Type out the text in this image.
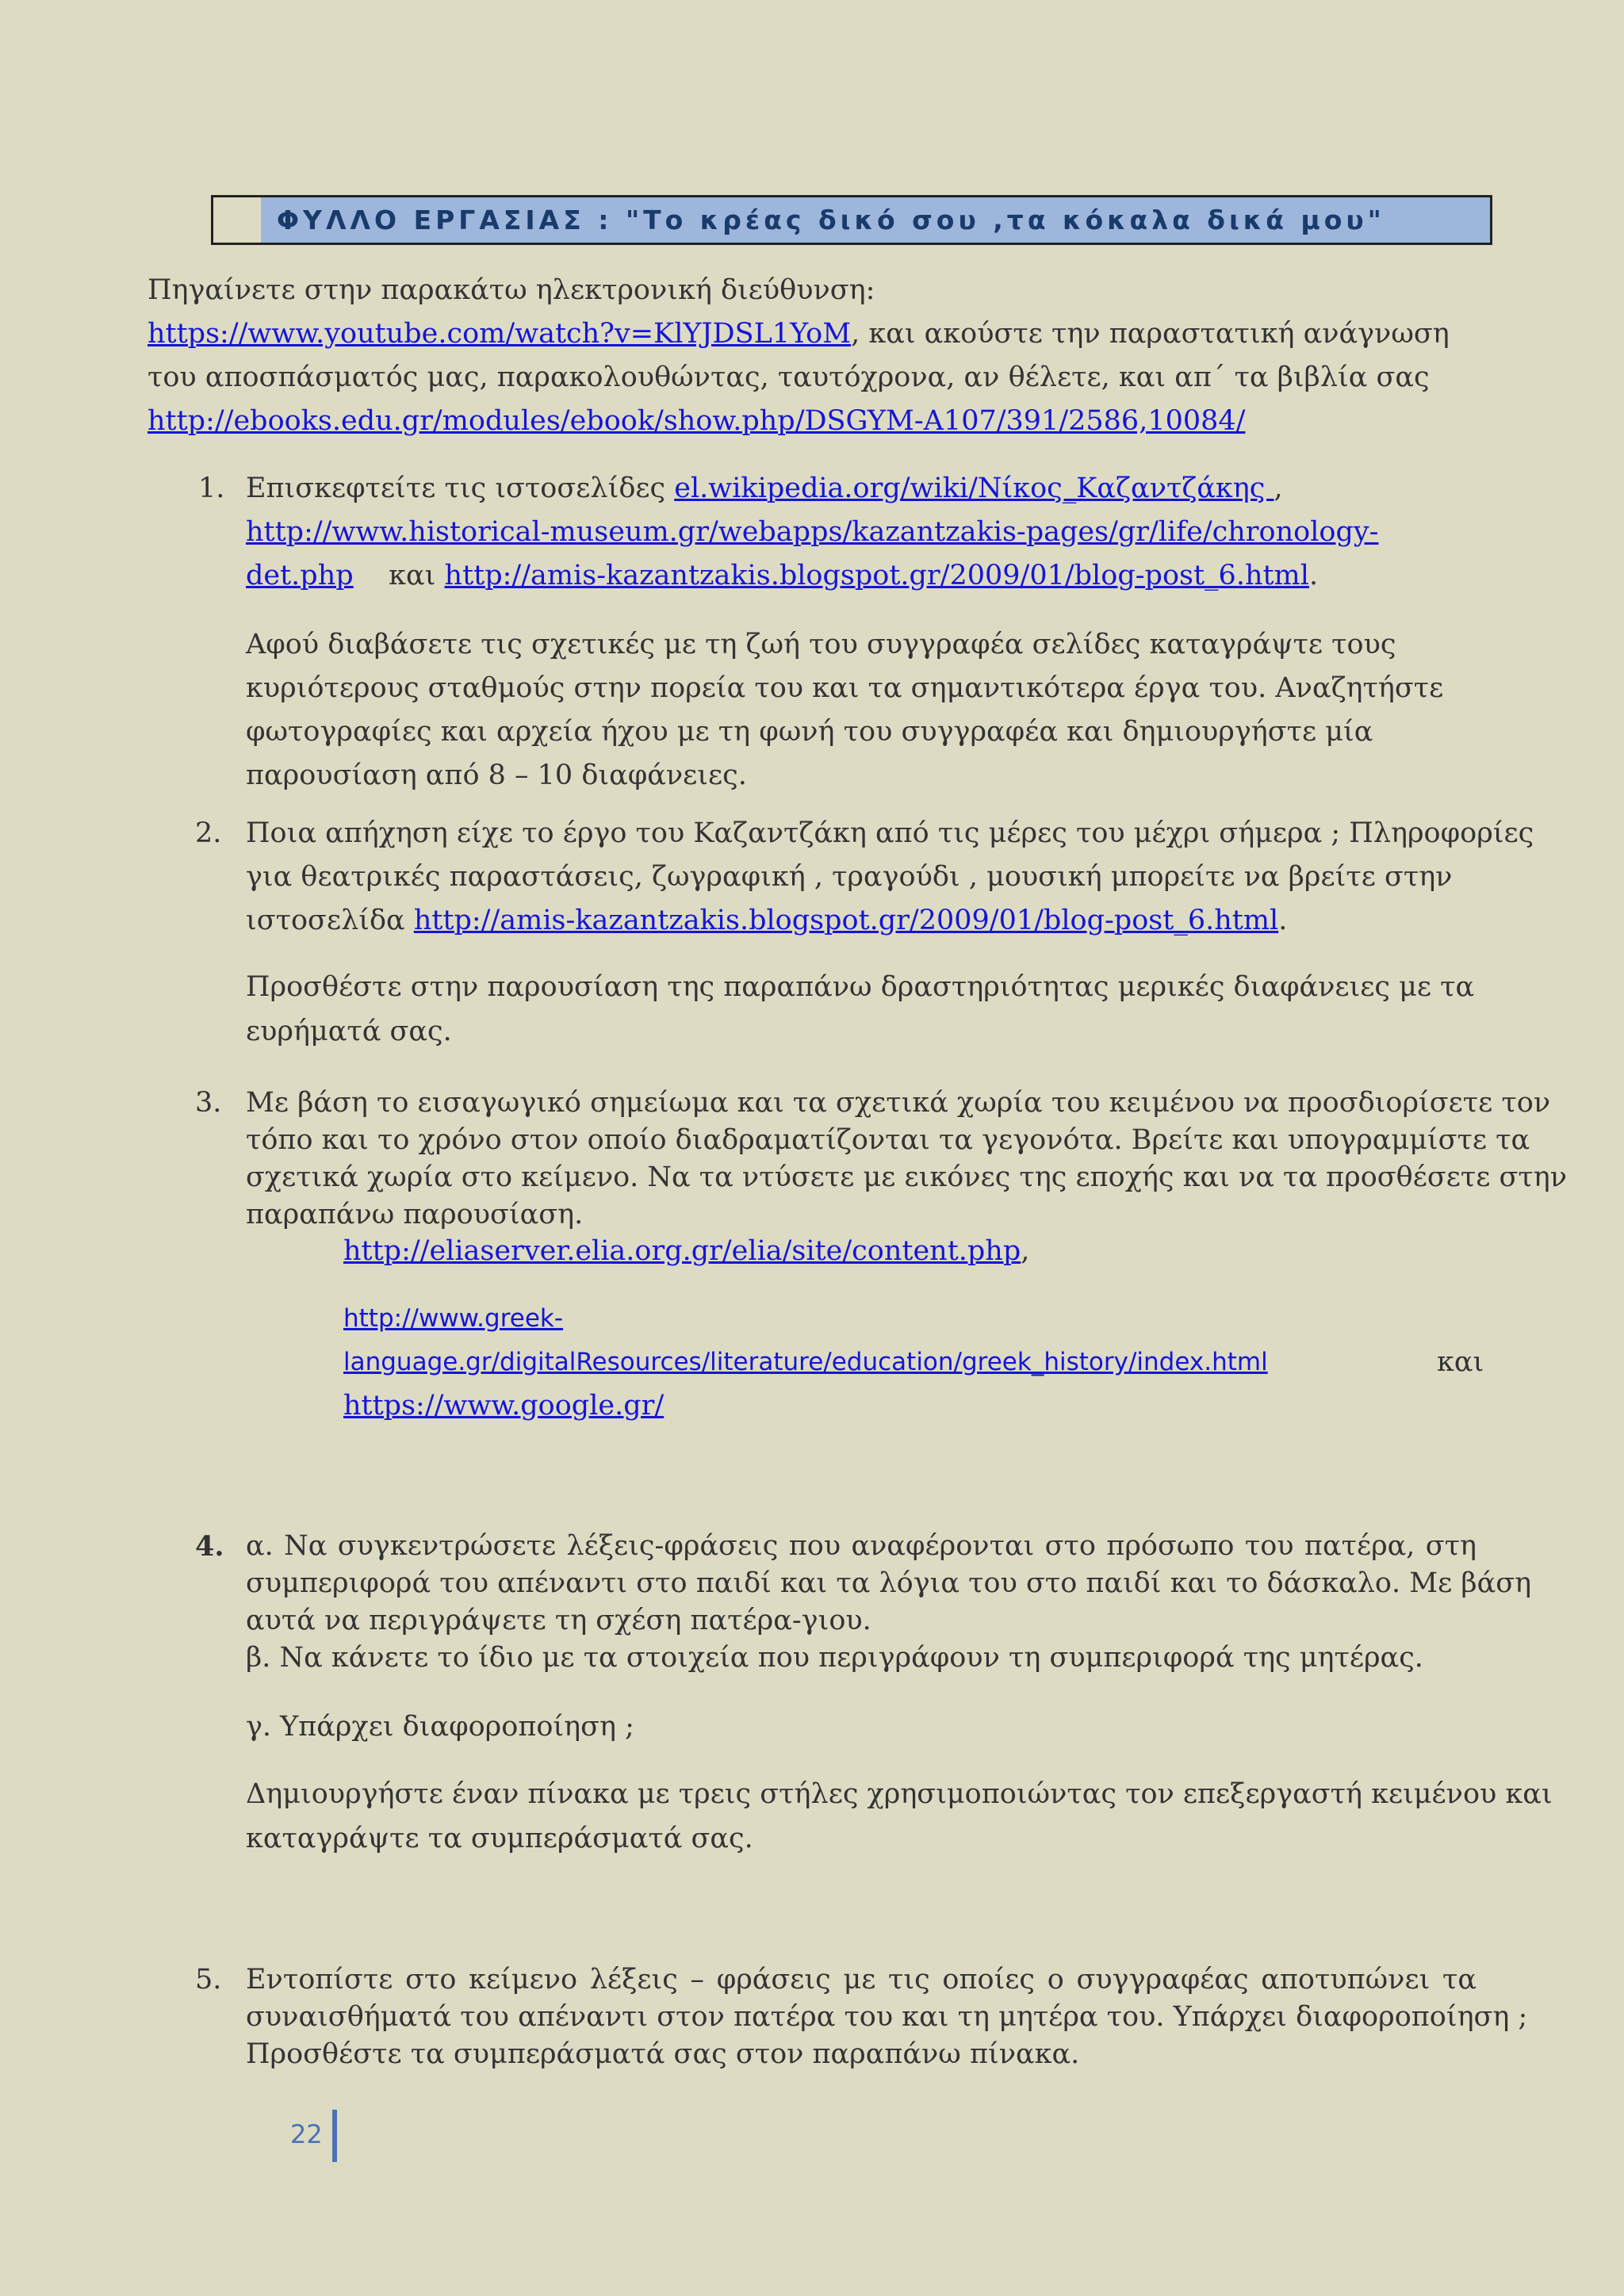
ΦΥΛΛΟ ΕΡΓΑΣΙΑΣ : "Το κρέας δικό σου ,τα κόκαλα δικά μου"
Πηγαίνετε στην παρακάτω ηλεκτρονική διεύθυνση:
https://www.youtube.com/watch?v=KlYJDSL1YoM, και ακούστε την παραστατική ανάγνωση
του αποσπάσματός μας, παρακολουθώντας, ταυτόχρονα, αν θέλετε, και απ΄ τα βιβλία σας
http://ebooks.edu.gr/modules/ebook/show.php/DSGYM-A107/391/2586,10084/
1. Επισκεφτείτε τις ιστοσελίδες el.wikipedia.org/wiki/Νίκος_Καζαντζάκης ,
http://www.historical-museum.gr/webapps/kazantzakis-pages/gr/life/chronology-
det.php    και http://amis-kazantzakis.blogspot.gr/2009/01/blog-post_6.html.
Αφού διαβάσετε τις σχετικές με τη ζωή του συγγραφέα σελίδες καταγράψτε τους
κυριότερους σταθμούς στην πορεία του και τα σημαντικότερα έργα του. Αναζητήστε
φωτογραφίες και αρχεία ήχου με τη φωνή του συγγραφέα και δημιουργήστε μία
παρουσίαση από 8 – 10 διαφάνειες.
2. Ποια απήχηση είχε το έργο του Καζαντζάκη από τις μέρες του μέχρι σήμερα ; Πληροφορίες
για θεατρικές παραστάσεις, ζωγραφική , τραγούδι , μουσική μπορείτε να βρείτε στην
ιστοσελίδα http://amis-kazantzakis.blogspot.gr/2009/01/blog-post_6.html.
Προσθέστε στην παρουσίαση της παραπάνω δραστηριότητας μερικές διαφάνειες με τα
ευρήματά σας.
3. Με βάση το εισαγωγικό σημείωμα και τα σχετικά χωρία του κειμένου να προσδιορίσετε τον
τόπο και το χρόνο στον οποίο διαδραματίζονται τα γεγονότα. Βρείτε και υπογραμμίστε τα
σχετικά χωρία στο κείμενο. Να τα ντύσετε με εικόνες της εποχής και να τα προσθέσετε στην
παραπάνω παρουσίαση.
http://eliaserver.elia.org.gr/elia/site/content.php,
http://www.greek-
language.gr/digitalResources/literature/education/greek_history/index.html	και
https://www.google.gr/
4. α. Να συγκεντρώσετε λέξεις-φράσεις που αναφέρονται στο πρόσωπο του πατέρα, στη
συμπεριφορά του απέναντι στο παιδί και τα λόγια του στο παιδί και το δάσκαλο. Με βάση
αυτά να περιγράψετε τη σχέση πατέρα-γιου.
β. Να κάνετε το ίδιο με τα στοιχεία που περιγράφουν τη συμπεριφορά της μητέρας.
γ. Υπάρχει διαφοροποίηση ;
Δημιουργήστε έναν πίνακα με τρεις στήλες χρησιμοποιώντας τον επεξεργαστή κειμένου και
καταγράψτε τα συμπεράσματά σας.
5. Εντοπίστε στο κείμενο λέξεις – φράσεις με τις οποίες ο συγγραφέας αποτυπώνει τα
συναισθήματά του απέναντι στον πατέρα του και τη μητέρα του. Υπάρχει διαφοροποίηση ;
Προσθέστε τα συμπεράσματά σας στον παραπάνω πίνακα.
22
